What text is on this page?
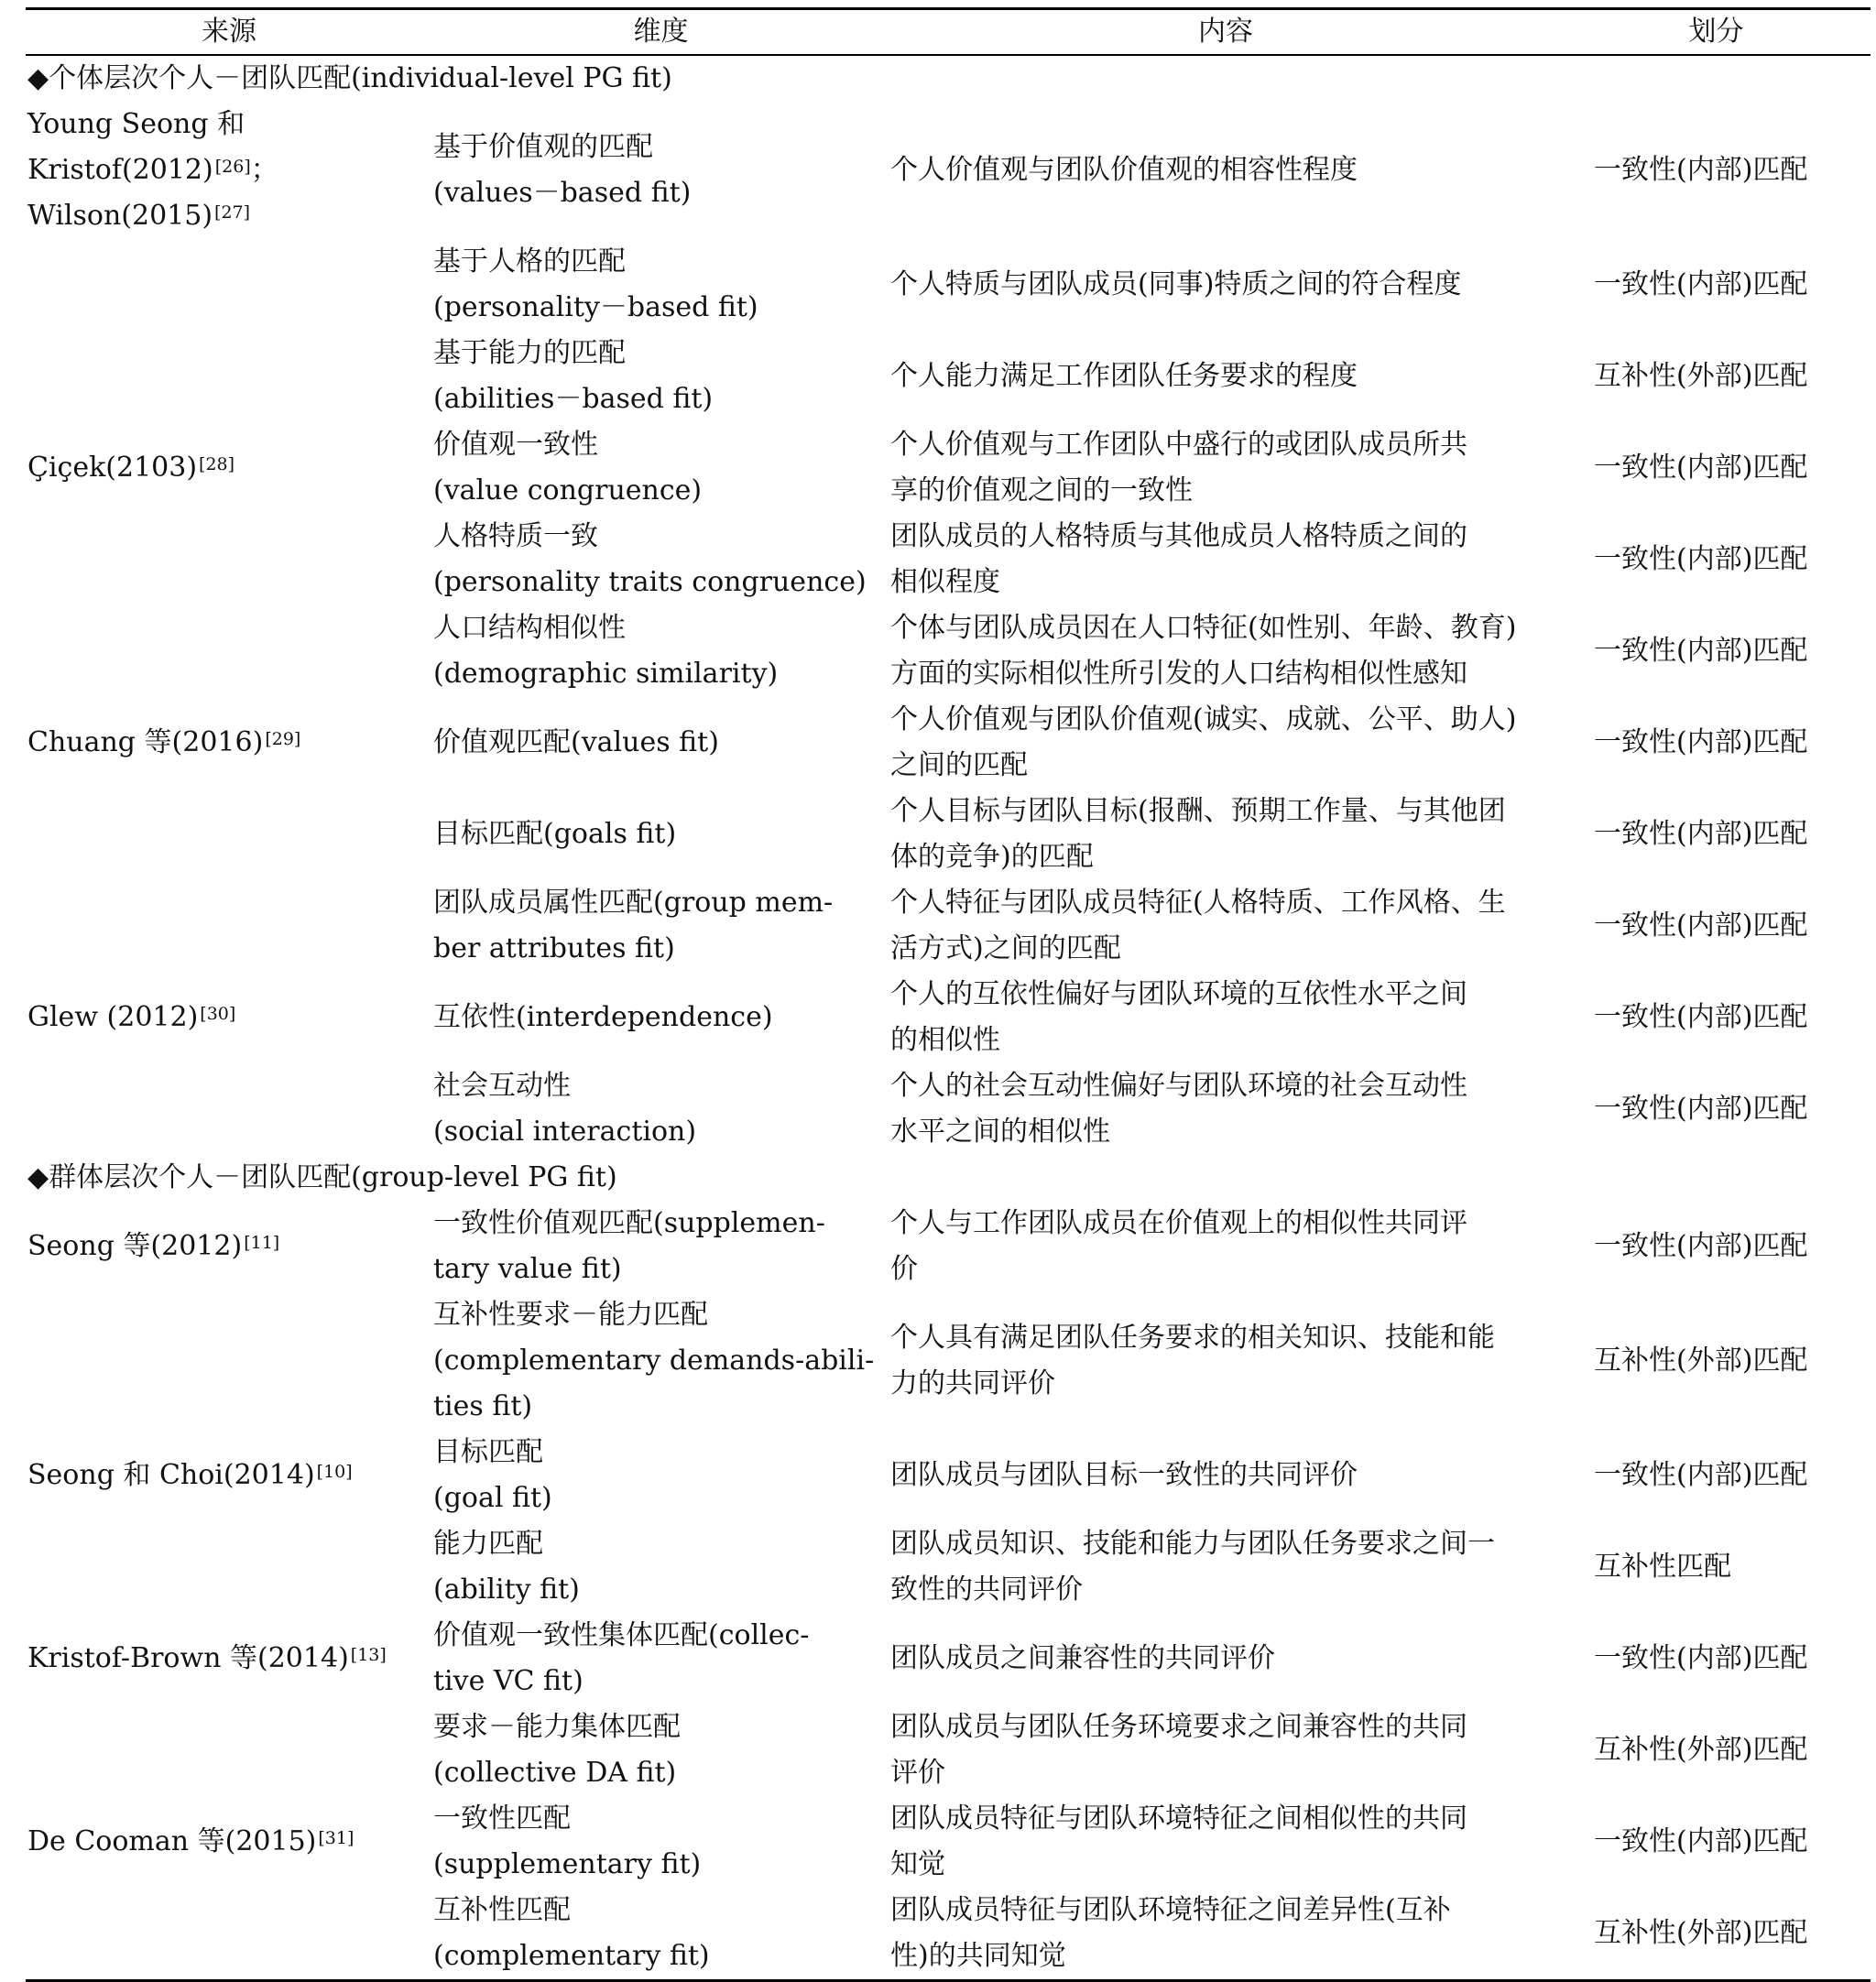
来源	维度	内容	划分
◆个体层次个人－团队匹配(individual-level PG fit)			

Young Seong 和
Kristof(2012) [26]；
Wilson(2015) [27]	基于价值观的匹配
(values－based fit)	个人价值观与团队价值观的相容性程度	一致性(内部)匹配

	基于人格的匹配
(personality－based fit)	个人特质与团队成员(同事)特质之间的符合程度	一致性(内部)匹配

	基于能力的匹配
(abilities－based fit)	个人能力满足工作团队任务要求的程度	互补性(外部)匹配

Çiçek(2103) [28]	价值观一致性
(value congruence)	个人价值观与工作团队中盛行的或团队成员所共
享的价值观之间的一致性	一致性(内部)匹配

	人格特质一致
(personality traits congruence)	团队成员的人格特质与其他成员人格特质之间的
相似程度	一致性(内部)匹配

	人口结构相似性
(demographic similarity)	个体与团队成员因在人口特征(如性别、年龄、教育)
方面的实际相似性所引发的人口结构相似性感知	一致性(内部)匹配

Chuang 等(2016) [29]	价值观匹配(values fit)	个人价值观与团队价值观(诚实、成就、公平、助人)
之间的匹配	一致性(内部)匹配

	目标匹配(goals fit)	个人目标与团队目标(报酬、预期工作量、与其他团
体的竞争)的匹配	一致性(内部)匹配

	团队成员属性匹配(group mem-
ber attributes fit)	个人特征与团队成员特征(人格特质、工作风格、生
活方式)之间的匹配	一致性(内部)匹配

Glew (2012) [30]	互依性(interdependence)	个人的互依性偏好与团队环境的互依性水平之间
的相似性	一致性(内部)匹配

	社会互动性
(social interaction)	个人的社会互动性偏好与团队环境的社会互动性
水平之间的相似性	一致性(内部)匹配
◆群体层次个人－团队匹配(group-level PG fit)			

Seong 等(2012) [11]	一致性价值观匹配(supplemen-
tary value fit)	个人与工作团队成员在价值观上的相似性共同评
价	一致性(内部)匹配

	互补性要求－能力匹配
(complementary demands-abili-
ties fit)	个人具有满足团队任务要求的相关知识、技能和能
力的共同评价	互补性(外部)匹配

Seong 和 Choi(2014) [10]	目标匹配
(goal fit)	团队成员与团队目标一致性的共同评价	一致性(内部)匹配

	能力匹配
(ability fit)	团队成员知识、技能和能力与团队任务要求之间一
致性的共同评价	互补性匹配

Kristof-Brown 等(2014) [13]	价值观一致性集体匹配(collec-
tive VC fit)	团队成员之间兼容性的共同评价	一致性(内部)匹配

	要求－能力集体匹配
(collective DA fit)	团队成员与团队任务环境要求之间兼容性的共同
评价	互补性(外部)匹配

De Cooman 等(2015) [31]	一致性匹配
(supplementary fit)	团队成员特征与团队环境特征之间相似性的共同
知觉	一致性(内部)匹配

	互补性匹配
(complementary fit)	团队成员特征与团队环境特征之间差异性(互补
性)的共同知觉	互补性(外部)匹配
